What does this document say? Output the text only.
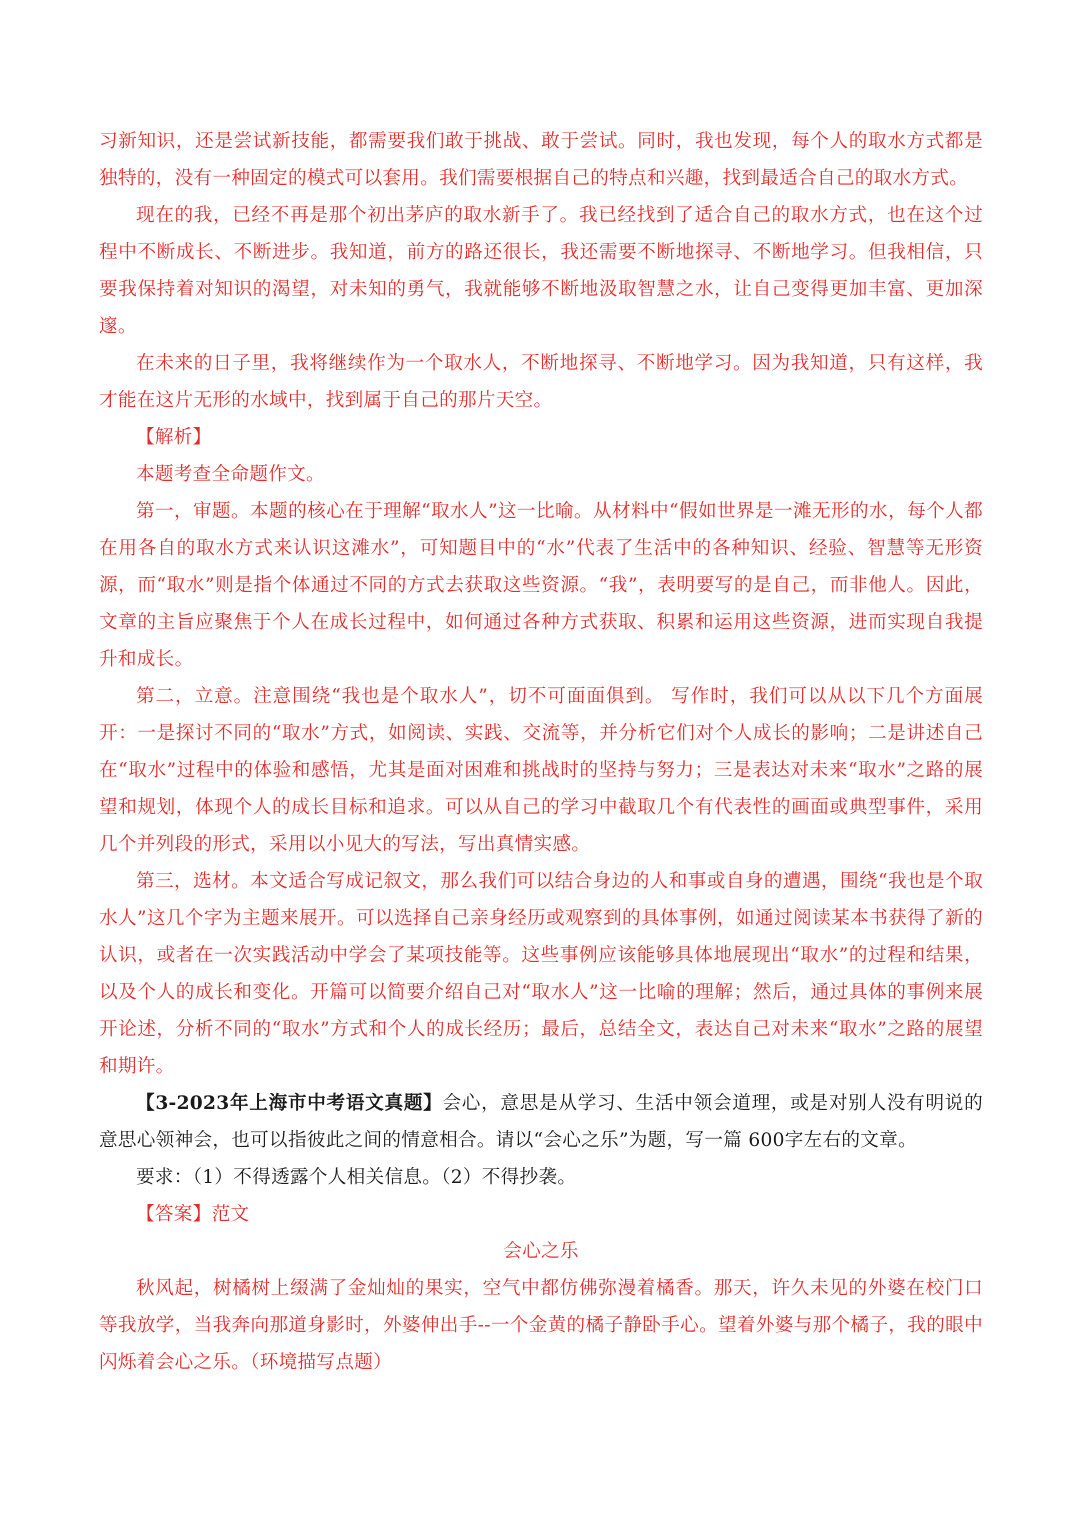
习新知识，还是尝试新技能，都需要我们敢于挑战、敢于尝试。同时，我也发现，每个人的取水方式都是独特的，没有一种固定的模式可以套用。我们需要根据自己的特点和兴趣，找到最适合自己的取水方式。

现在的我，已经不再是那个初出茅庐的取水新手了。我已经找到了适合自己的取水方式，也在这个过程中不断成长、不断进步。我知道，前方的路还很长，我还需要不断地探寻、不断地学习。但我相信，只要我保持着对知识的渴望，对未知的勇气，我就能够不断地汲取智慧之水，让自己变得更加丰富、更加深邃。

在未来的日子里，我将继续作为一个取水人，不断地探寻、不断地学习。因为我知道，只有这样，我才能在这片无形的水域中，找到属于自己的那片天空。

【解析】

本题考查全命题作文。

第一，审题。本题的核心在于理解“取水人”这一比喻。从材料中“假如世界是一滩无形的水，每个人都在用各自的取水方式来认识这滩水”，可知题目中的“水”代表了生活中的各种知识、经验、智慧等无形资源，而“取水”则是指个体通过不同的方式去获取这些资源。“我”，表明要写的是自己，而非他人。因此，文章的主旨应聚焦于个人在成长过程中，如何通过各种方式获取、积累和运用这些资源，进而实现自我提升和成长。

第二，立意。注意围绕“我也是个取水人”，切不可面面俱到。 写作时，我们可以从以下几个方面展开：一是探讨不同的“取水”方式，如阅读、实践、交流等，并分析它们对个人成长的影响；二是讲述自己在“取水”过程中的体验和感悟，尤其是面对困难和挑战时的坚持与努力；三是表达对未来“取水”之路的展望和规划，体现个人的成长目标和追求。可以从自己的学习中截取几个有代表性的画面或典型事件，采用几个并列段的形式，采用以小见大的写法，写出真情实感。

第三，选材。本文适合写成记叙文，那么我们可以结合身边的人和事或自身的遭遇，围绕“我也是个取水人”这几个字为主题来展开。可以选择自己亲身经历或观察到的具体事例，如通过阅读某本书获得了新的认识，或者在一次实践活动中学会了某项技能等。这些事例应该能够具体地展现出“取水”的过程和结果，以及个人的成长和变化。开篇可以简要介绍自己对“取水人”这一比喻的理解；然后，通过具体的事例来展开论述，分析不同的“取水”方式和个人的成长经历；最后，总结全文，表达自己对未来“取水”之路的展望和期许。

【3-2023年上海市中考语文真题】会心，意思是从学习、生活中领会道理，或是对别人没有明说的意思心领神会，也可以指彼此之间的情意相合。请以“会心之乐”为题，写一篇 600字左右的文章。

要求：（1）不得透露个人相关信息。（2）不得抄袭。

【答案】范文

会心之乐

秋风起，树橘树上缀满了金灿灿的果实，空气中都仿佛弥漫着橘香。那天，许久未见的外婆在校门口等我放学，当我奔向那道身影时，外婆伸出手--一个金黄的橘子静卧手心。望着外婆与那个橘子，我的眼中闪烁着会心之乐。（环境描写点题）
